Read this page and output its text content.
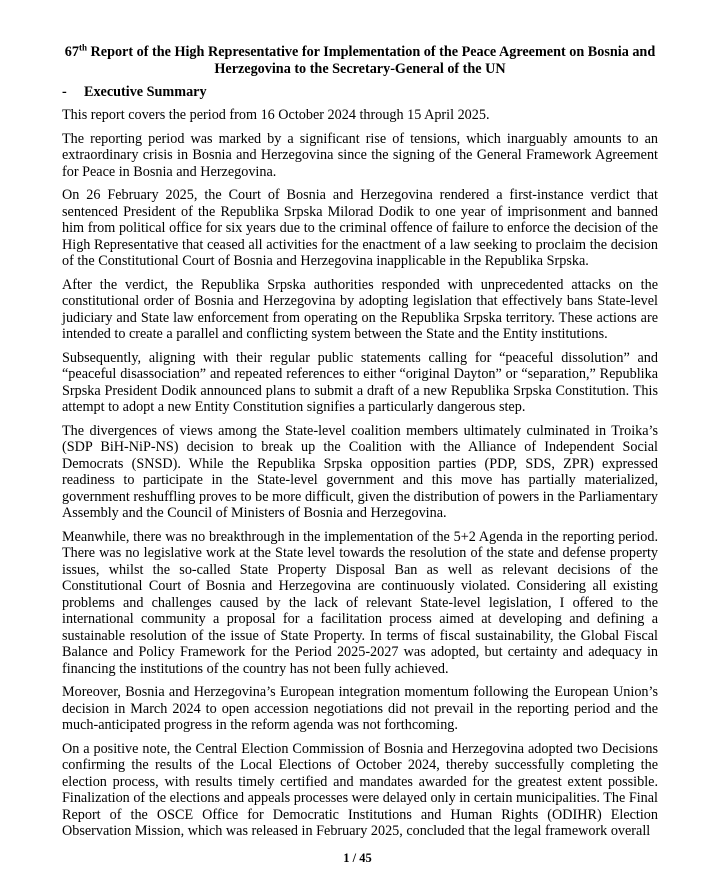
67th Report of the High Representative for Implementation of the Peace Agreement on Bosnia and Herzegovina to the Secretary-General of the UN
-	Executive Summary

This report covers the period from 16 October 2024 through 15 April 2025.

The reporting period was marked by a significant rise of tensions, which inarguably amounts to an extraordinary crisis in Bosnia and Herzegovina since the signing of the General Framework Agreement for Peace in Bosnia and Herzegovina.

On 26 February 2025, the Court of Bosnia and Herzegovina rendered a first-instance verdict that sentenced President of the Republika Srpska Milorad Dodik to one year of imprisonment and banned him from political office for six years due to the criminal offence of failure to enforce the decision of the High Representative that ceased all activities for the enactment of a law seeking to proclaim the decision of the Constitutional Court of Bosnia and Herzegovina inapplicable in the Republika Srpska.

After the verdict, the Republika Srpska authorities responded with unprecedented attacks on the constitutional order of Bosnia and Herzegovina by adopting legislation that effectively bans State-level judiciary and State law enforcement from operating on the Republika Srpska territory. These actions are intended to create a parallel and conflicting system between the State and the Entity institutions.

Subsequently, aligning with their regular public statements calling for “peaceful dissolution” and “peaceful disassociation” and repeated references to either “original Dayton” or “separation,” Republika Srpska President Dodik announced plans to submit a draft of a new Republika Srpska Constitution. This attempt to adopt a new Entity Constitution signifies a particularly dangerous step.

The divergences of views among the State-level coalition members ultimately culminated in Troika’s (SDP BiH-NiP-NS) decision to break up the Coalition with the Alliance of Independent Social Democrats (SNSD). While the Republika Srpska opposition parties (PDP, SDS, ZPR) expressed readiness to participate in the State-level government and this move has partially materialized, government reshuffling proves to be more difficult, given the distribution of powers in the Parliamentary Assembly and the Council of Ministers of Bosnia and Herzegovina.

Meanwhile, there was no breakthrough in the implementation of the 5+2 Agenda in the reporting period. There was no legislative work at the State level towards the resolution of the state and defense property issues, whilst the so-called State Property Disposal Ban as well as relevant decisions of the Constitutional Court of Bosnia and Herzegovina are continuously violated. Considering all existing problems and challenges caused by the lack of relevant State-level legislation, I offered to the international community a proposal for a facilitation process aimed at developing and defining a sustainable resolution of the issue of State Property. In terms of fiscal sustainability, the Global Fiscal Balance and Policy Framework for the Period 2025-2027 was adopted, but certainty and adequacy in financing the institutions of the country has not been fully achieved.

Moreover, Bosnia and Herzegovina’s European integration momentum following the European Union’s decision in March 2024 to open accession negotiations did not prevail in the reporting period and the much-anticipated progress in the reform agenda was not forthcoming.

On a positive note, the Central Election Commission of Bosnia and Herzegovina adopted two Decisions confirming the results of the Local Elections of October 2024, thereby successfully completing the election process, with results timely certified and mandates awarded for the greatest extent possible. Finalization of the elections and appeals processes were delayed only in certain municipalities. The Final Report of the OSCE Office for Democratic Institutions and Human Rights (ODIHR) Election Observation Mission, which was released in February 2025, concluded that the legal framework overall

1 / 45
